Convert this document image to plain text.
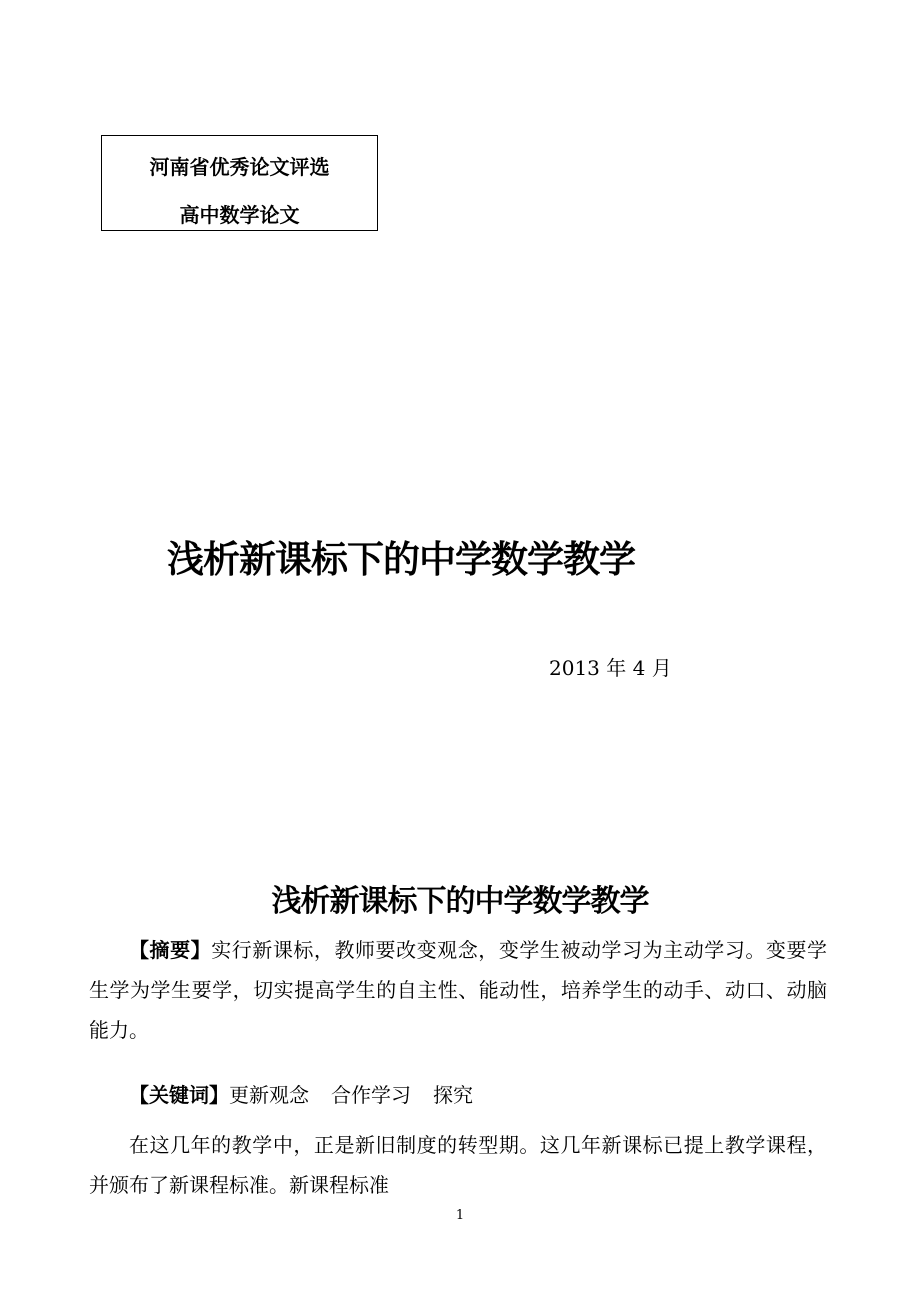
河南省优秀论文评选
高中数学论文
浅析新课标下的中学数学教学
2013 年 4 月
浅析新课标下的中学数学教学

【摘要】实行新课标，教师要改变观念，变学生被动学习为主动学习。变要学生学为学生要学，切实提高学生的自主性、能动性，培养学生的动手、动口、动脑能力。

【关键词】更新观念 合作学习 探究

在这几年的教学中，正是新旧制度的转型期。这几年新课标已提上教学课程，并颁布了新课程标准。新课程标准

1
